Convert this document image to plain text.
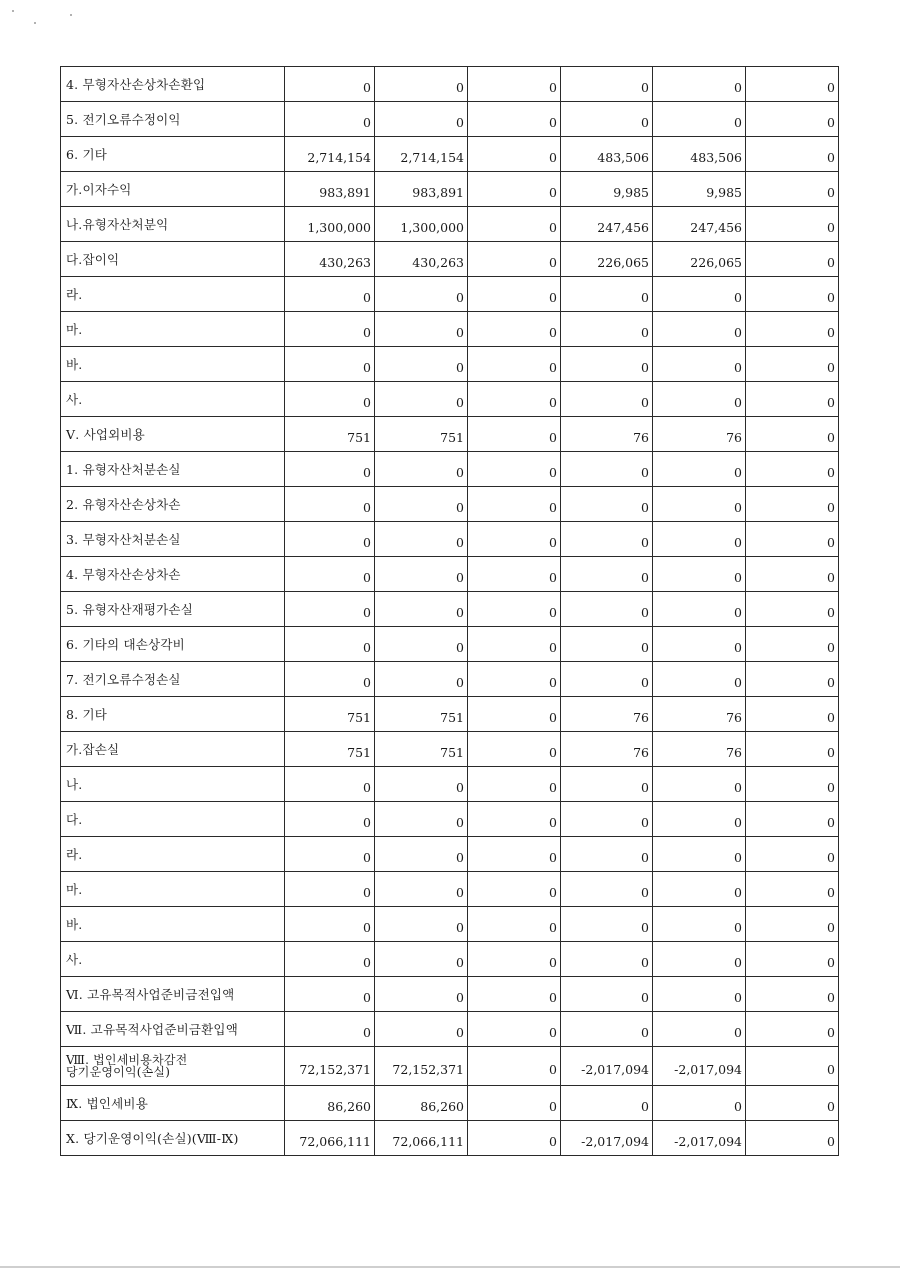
4. 무형자산손상차손환입	0	0	0	0	0	0
5. 전기오류수정이익	0	0	0	0	0	0
6. 기타	2,714,154	2,714,154	0	483,506	483,506	0
가.이자수익	983,891	983,891	0	9,985	9,985	0
나.유형자산처분익	1,300,000	1,300,000	0	247,456	247,456	0
다.잡이익	430,263	430,263	0	226,065	226,065	0
라.	0	0	0	0	0	0
마.	0	0	0	0	0	0
바.	0	0	0	0	0	0
사.	0	0	0	0	0	0
Ⅴ. 사업외비용	751	751	0	76	76	0
1. 유형자산처분손실	0	0	0	0	0	0
2. 유형자산손상차손	0	0	0	0	0	0
3. 무형자산처분손실	0	0	0	0	0	0
4. 무형자산손상차손	0	0	0	0	0	0
5. 유형자산재평가손실	0	0	0	0	0	0
6. 기타의 대손상각비	0	0	0	0	0	0
7. 전기오류수정손실	0	0	0	0	0	0
8. 기타	751	751	0	76	76	0
가.잡손실	751	751	0	76	76	0
나.	0	0	0	0	0	0
다.	0	0	0	0	0	0
라.	0	0	0	0	0	0
마.	0	0	0	0	0	0
바.	0	0	0	0	0	0
사.	0	0	0	0	0	0
Ⅵ. 고유목적사업준비금전입액	0	0	0	0	0	0
Ⅶ. 고유목적사업준비금환입액	0	0	0	0	0	0

Ⅷ. 법인세비용차감전
당기운영이익(손실)	72,152,371	72,152,371	0	-2,017,094	-2,017,094	0
Ⅸ. 법인세비용	86,260	86,260	0	0	0	0
Ⅹ. 당기운영이익(손실)(Ⅷ-Ⅸ)	72,066,111	72,066,111	0	-2,017,094	-2,017,094	0
